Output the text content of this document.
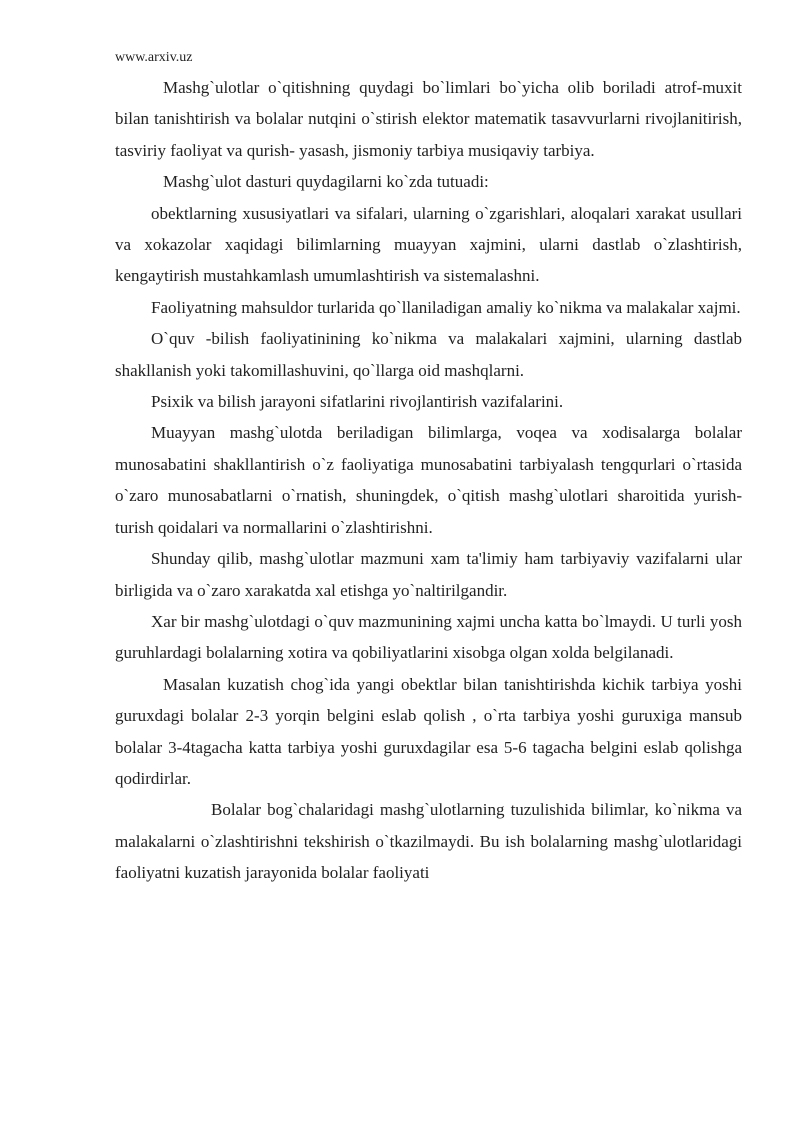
www.arxiv.uz

Mashg`ulotlar o`qitishning quydagi bo`limlari bo`yicha olib boriladi atrof-muxit bilan tanishtirish va bolalar nutqini o`stirish elektor matematik tasavvurlarni rivojlanitirish, tasviriy faoliyat va qurish- yasash, jismoniy tarbiya musiqaviy tarbiya.

Mashg`ulot dasturi quydagilarni ko`zda tutuadi:

obektlarning xususiyatlari va sifalari, ularning o`zgarishlari, aloqalari xarakat usullari va xokazolar xaqidagi bilimlarning muayyan xajmini, ularni dastlab o`zlashtirish, kengaytirish mustahkamlash umumlashtirish va sistemalashni.

Faoliyatning mahsuldor turlarida qo`llaniladigan amaliy ko`nikma va malakalar xajmi.

O`quv -bilish faoliyatinining ko`nikma va malakalari xajmini, ularning dastlab shakllanish yoki takomillashuvini, qo`llarga oid mashqlarni.

Psixik va bilish jarayoni sifatlarini rivojlantirish vazifalarini.

Muayyan mashg`ulotda beriladigan bilimlarga, voqea va xodisalarga bolalar munosabatini shakllantirish o`z faoliyatiga munosabatini tarbiyalash tengqurlari o`rtasida o`zaro munosabatlarni o`rnatish, shuningdek, o`qitish mashg`ulotlari sharoitida yurish-turish qoidalari va normallarini o`zlashtirishni.

Shunday qilib, mashg`ulotlar mazmuni xam ta'limiy ham tarbiyaviy vazifalarni ular birligida va o`zaro xarakatda xal etishga yo`naltirilgandir.

Xar bir mashg`ulotdagi o`quv mazmunining xajmi uncha katta bo`lmaydi. U turli yosh guruhlardagi bolalarning xotira va qobiliyatlarini xisobga olgan xolda belgilanadi.

Masalan kuzatish chog`ida yangi obektlar bilan tanishtirishda kichik tarbiya yoshi guruxdagi bolalar 2-3 yorqin belgini eslab qolish , o`rta tarbiya yoshi guruxiga mansub bolalar 3-4tagacha katta tarbiya yoshi guruxdagilar esa 5-6 tagacha belgini eslab qolishga qodirdirlar.

Bolalar bog`chalaridagi mashg`ulotlarning tuzulishida bilimlar, ko`nikma va malakalarni o`zlashtirishni tekshirish o`tkazilmaydi. Bu ish bolalarning mashg`ulotlaridagi faoliyatni kuzatish jarayonida bolalar faoliyati
